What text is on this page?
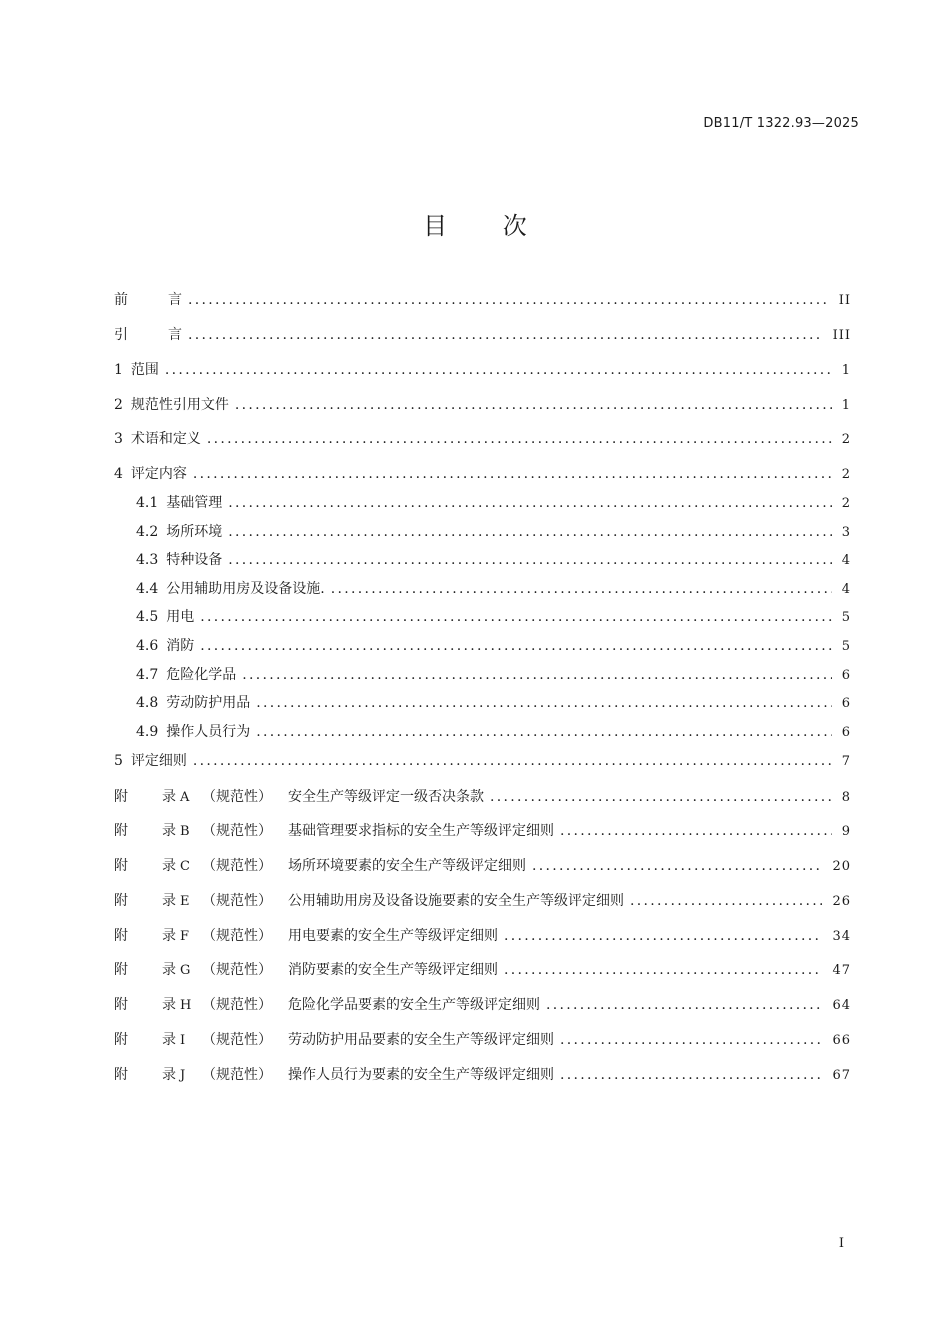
DB11/T 1322.93—2025
目 次
前	言 .....	II
引	言 .....	III
1 范围 .....	1
2 规范性引用文件 .....	1
3 术语和定义 .....	2
4 评定内容 .....	2
4.1 基础管理 .....	2
4.2 场所环境 .....	3
4.3 特种设备 .....	4
4.4 公用辅助用房及设备设施. .....	4
4.5 用电 .....	5
4.6 消防 .....	5
4.7 危险化学品 .....	6
4.8 劳动防护用品 .....	6
4.9 操作人员行为 .....	6
5 评定细则 .....	7
附	录 A （规范性）	安全生产等级评定一级否决条款 .....	8
附	录 B （规范性）	基础管理要求指标的安全生产等级评定细则 .....	9
附	录 C （规范性）	场所环境要素的安全生产等级评定细则 .....	20
附	录 E （规范性）	公用辅助用房及设备设施要素的安全生产等级评定细则 .....	26
附	录 F （规范性）	用电要素的安全生产等级评定细则 .....	34
附	录 G （规范性）	消防要素的安全生产等级评定细则 .....	47
附	录 H （规范性）	危险化学品要素的安全生产等级评定细则 .....	64
附	录 I	（规范性）	劳动防护用品要素的安全生产等级评定细则 .....	66
附	录 J	（规范性）	操作人员行为要素的安全生产等级评定细则 .....	67
I
